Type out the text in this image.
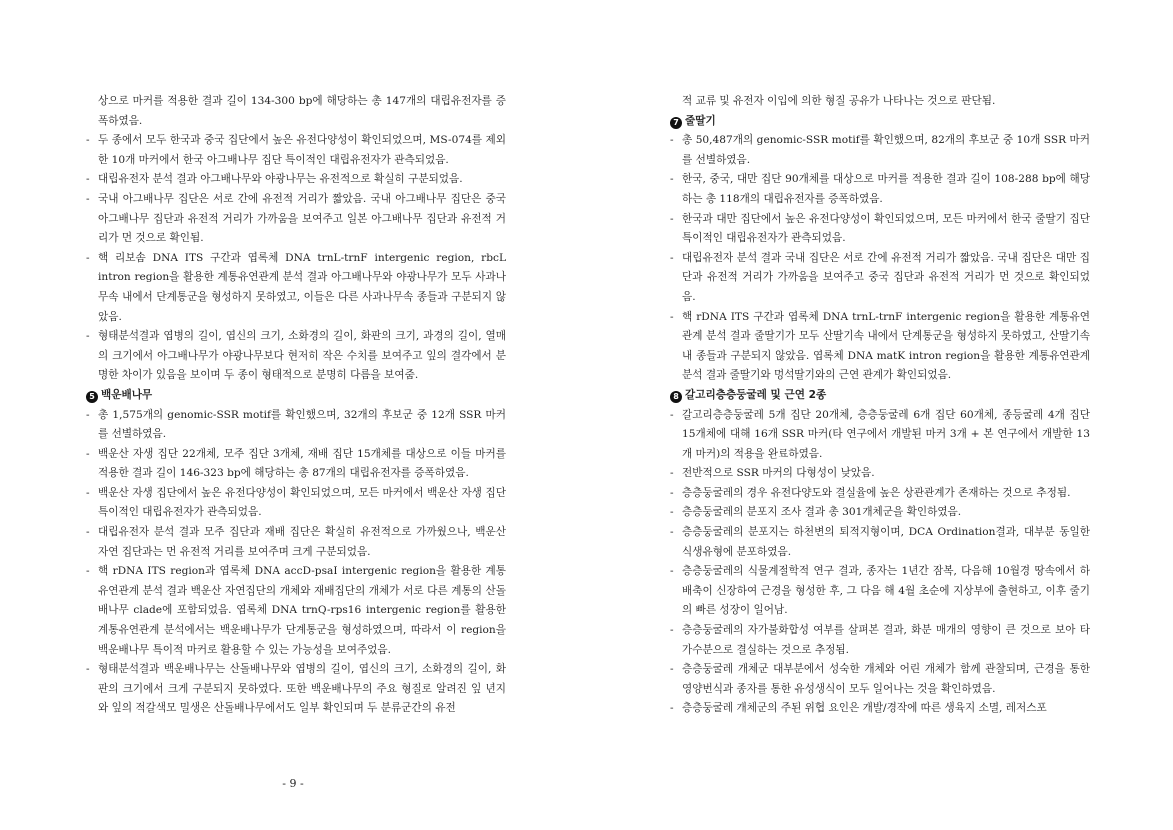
상으로 마커를 적용한 결과 길이 134-300 bp에 해당하는 총 147개의 대립유전자를 증폭하였음.
- 두 종에서 모두 한국과 중국 집단에서 높은 유전다양성이 확인되었으며, MS-074를 제외한 10개 마커에서 한국 아그배나무 집단 특이적인 대립유전자가 관측되었음.
- 대립유전자 분석 결과 아그배나무와 야광나무는 유전적으로 확실히 구분되었음.
- 국내 아그배나무 집단은 서로 간에 유전적 거리가 짧았음. 국내 아그배나무 집단은 중국 아그배나무 집단과 유전적 거리가 가까움을 보여주고 일본 아그배나무 집단과 유전적 거리가 먼 것으로 확인됨.
- 핵 리보솜 DNA ITS 구간과 엽록체 DNA trnL-trnF intergenic region, rbcL intron region을 활용한 계통유연관계 분석 결과 아그배나무와 야광나무가 모두 사과나무속 내에서 단계통군을 형성하지 못하였고, 이들은 다른 사과나무속 종들과 구분되지 않았음.
- 형태분석결과 엽병의 길이, 엽신의 크기, 소화경의 길이, 화판의 크기, 과경의 길이, 열매의 크기에서 아그배나무가 야광나무보다 현저히 작은 수치를 보여주고 잎의 결각에서 분명한 차이가 있음을 보이며 두 종이 형태적으로 분명히 다름을 보여줌.
5 백운배나무
- 총 1,575개의 genomic-SSR motif를 확인했으며, 32개의 후보군 중 12개 SSR 마커를 선별하였음.
- 백운산 자생 집단 22개체, 모주 집단 3개체, 재배 집단 15개체를 대상으로 이들 마커를 적용한 결과 길이 146-323 bp에 해당하는 총 87개의 대립유전자를 증폭하였음.
- 백운산 자생 집단에서 높은 유전다양성이 확인되었으며, 모든 마커에서 백운산 자생 집단 특이적인 대립유전자가 관측되었음.
- 대립유전자 분석 결과 모주 집단과 재배 집단은 확실히 유전적으로 가까웠으나, 백운산 자연 집단과는 먼 유전적 거리를 보여주며 크게 구분되었음.
- 핵 rDNA ITS region과 엽록체 DNA accD-psaI intergenic region을 활용한 계통유연관계 분석 결과 백운산 자연집단의 개체와 재배집단의 개체가 서로 다른 계통의 산돌배나무 clade에 포함되었음. 엽록체 DNA trnQ-rps16 intergenic region를 활용한 계통유연관계 분석에서는 백운배나무가 단계통군을 형성하였으며, 따라서 이 region을 백운배나무 특이적 마커로 활용할 수 있는 가능성을 보여주었음.
- 형태분석결과 백운배나무는 산돌배나무와 엽병의 길이, 엽신의 크기, 소화경의 길이, 화판의 크기에서 크게 구분되지 못하였다. 또한 백운배나무의 주요 형질로 알려진 잎 년지와 잎의 적갈색모 밀생은 산돌배나무에서도 일부 확인되며 두 분류군간의 유전
적 교류 및 유전자 이입에 의한 형질 공유가 나타나는 것으로 판단됨.
7 줄딸기
- 총 50,487개의 genomic-SSR motif를 확인했으며, 82개의 후보군 중 10개 SSR 마커를 선별하였음.
- 한국, 중국, 대만 집단 90개체를 대상으로 마커를 적용한 결과 길이 108-288 bp에 해당하는 총 118개의 대립유전자를 증폭하였음.
- 한국과 대만 집단에서 높은 유전다양성이 확인되었으며, 모든 마커에서 한국 줄딸기 집단 특이적인 대립유전자가 관측되었음.
- 대립유전자 분석 결과 국내 집단은 서로 간에 유전적 거리가 짧았음. 국내 집단은 대만 집단과 유전적 거리가 가까움을 보여주고 중국 집단과 유전적 거리가 먼 것으로 확인되었음.
- 핵 rDNA ITS 구간과 엽록체 DNA trnL-trnF intergenic region을 활용한 계통유연관계 분석 결과 줄딸기가 모두 산딸기속 내에서 단계통군을 형성하지 못하였고, 산딸기속내 종들과 구분되지 않았음. 엽록체 DNA matK intron region을 활용한 계통유연관계 분석 결과 줄딸기와 멍석딸기와의 근연 관계가 확인되었음.
8 갈고리층층둥굴레 및 근연 2종
- 갈고리층층둥굴레 5개 집단 20개체, 층층둥굴레 6개 집단 60개체, 종등굴레 4개 집단 15개체에 대해 16개 SSR 마커(타 연구에서 개발된 마커 3개 + 본 연구에서 개발한 13개 마커)의 적용을 완료하였음.
- 전반적으로 SSR 마커의 다형성이 낮았음.
- 층층둥굴레의 경우 유전다양도와 결실율에 높은 상관관계가 존재하는 것으로 추정됨.
- 층층둥굴레의 분포지 조사 결과 총 301개체군을 확인하였음.
- 층층둥굴레의 분포지는 하천변의 퇴적지형이며, DCA Ordination결과, 대부분 동일한 식생유형에 분포하였음.
- 층층둥굴레의 식물계절학적 연구 결과, 종자는 1년간 잠복, 다음해 10월경 땅속에서 하배축이 신장하여 근경을 형성한 후, 그 다음 해 4월 초순에 지상부에 출현하고, 이후 줄기의 빠른 성장이 일어남.
- 층층둥굴레의 자가불화합성 여부를 살펴본 결과, 화분 매개의 영향이 큰 것으로 보아 타가수분으로 결실하는 것으로 추정됨.
- 층층둥굴레 개체군 대부분에서 성숙한 개체와 어린 개체가 함께 관찰되며, 근경을 통한 영양번식과 종자를 통한 유성생식이 모두 일어나는 것을 확인하였음.
- 층층둥굴레 개체군의 주된 위협 요인은 개발/경작에 따른 생육지 소멸, 레저스포
- 9 -
